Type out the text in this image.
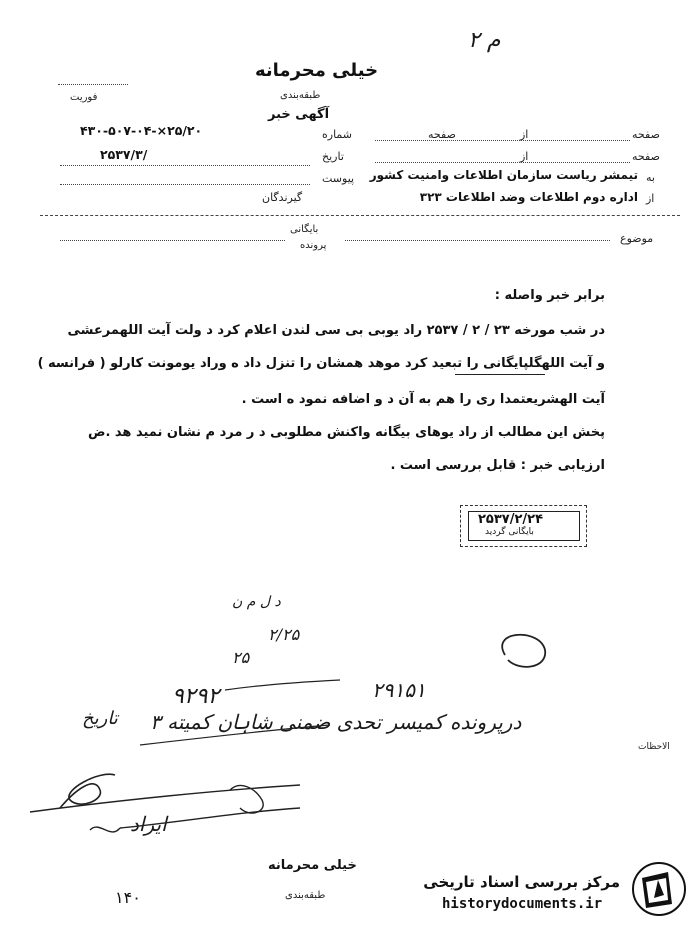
۲ م
خیلی محرمانه
طبقه‌بندی
فوریت
آگهی خبر
شماره
۴۳۰-۵۰۷-۰۴-×۲۵/۲۰
تاریخ
۲۵۳۷/۳/
پیوست
گیرندگان
صفحه
از
صفحه
صفحه
از
به
تیمشر ریاست سازمان اطلاعات وامنیت کشور
از
اداره دوم اطلاعات وضد اطلاعات ۳۲۳
بایگانی
پرونده
موضوع
برابر خبر واصله :
در شب مورخه ۲۳ / ۲ / ۲۵۳۷ راد یوبی بی سی لندن اعلام کرد د ولت آیت اللهمرعشی
و آیت اللهگلپایگانی را تبعید کرد موهد همشان را تنزل داد ه وراد یومونت کارلو ( فرانسه )
آیت الهشریعتمدا ری را هم به آن د و اضافه نمود ه است .
پخش این مطالب از راد یوهای بیگانه واکنش مطلوبی د ر مرد م نشان نمید هد .ض
ارزیابی خبر : قابل بررسی است .
۲۵۳۷/۲/۲۴
بایگانی گردید
د ل م ن
۲/۲۵
۲۵
۹۲۹۲	۲۹۱۵۱
درپرونده کمیسر تحدی ضمنی شاہان کمیته ۳
تاریخ
ایراد
الاحظات
خیلی محرمانه
طبقه‌بندی
۱۴۰
مرکز بررسی اسناد تاریخی
historydocuments.ir
